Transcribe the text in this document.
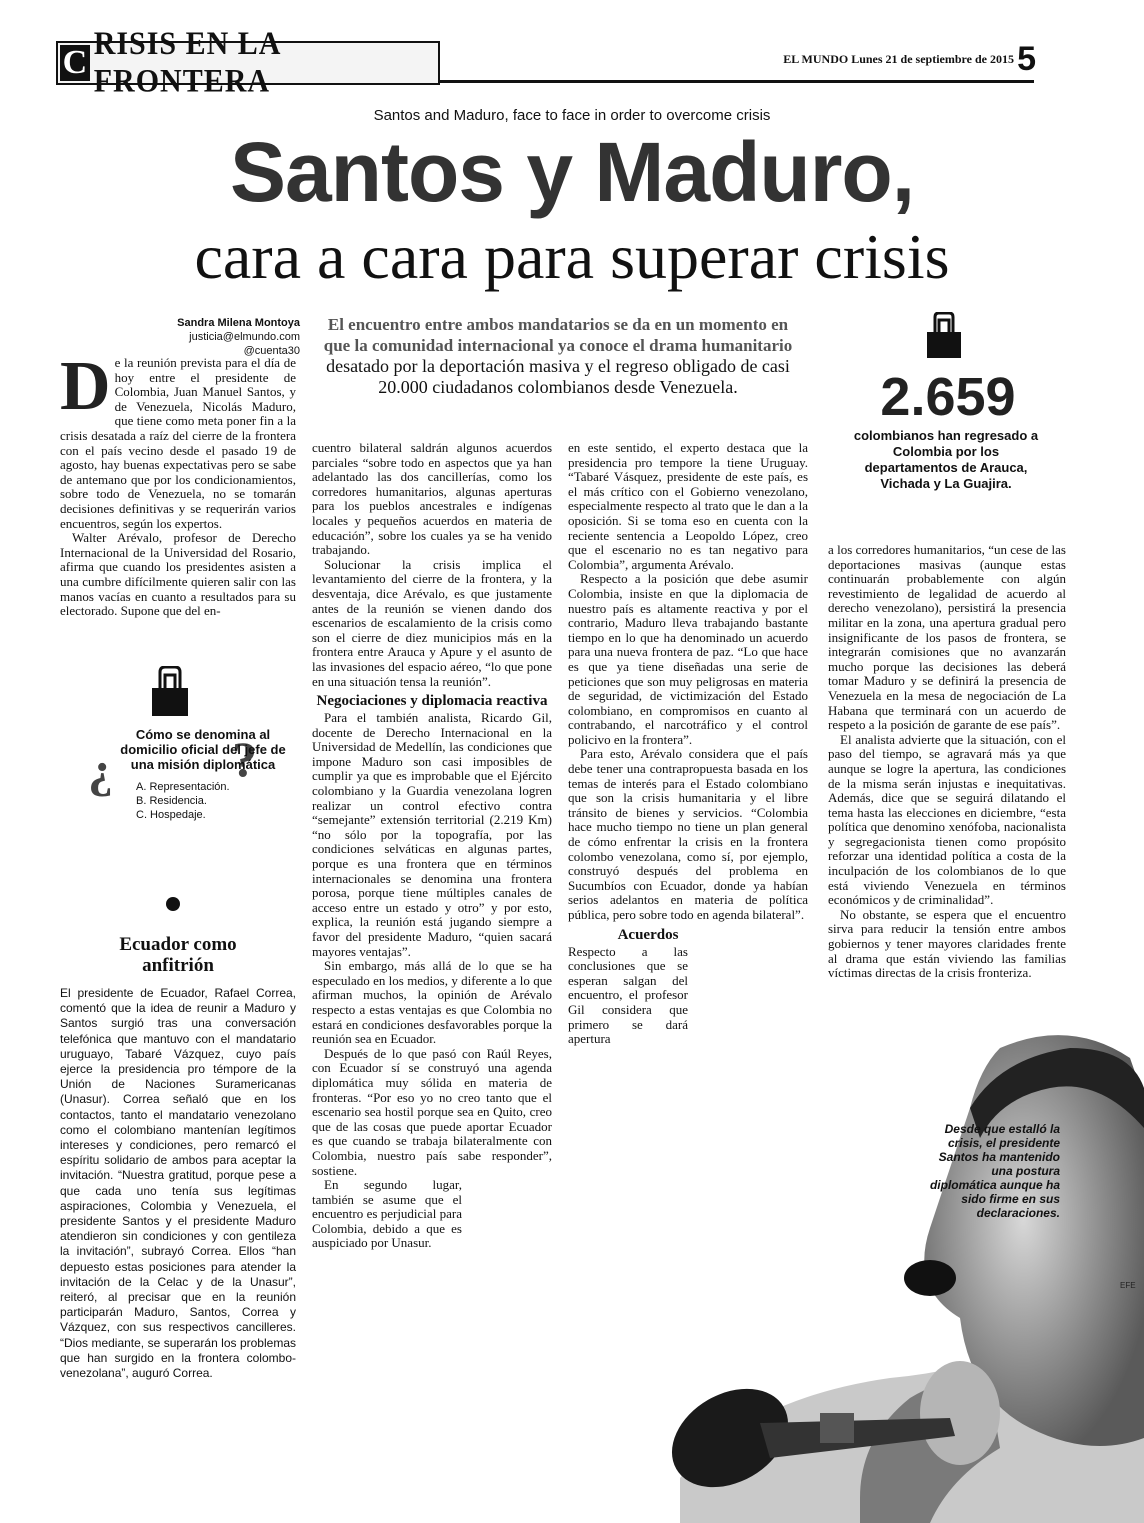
C
RISIS EN LA FRONTERA
EL MUNDO Lunes 21 de septiembre de 2015 5
Santos and Maduro, face to face in order to overcome crisis
Santos y Maduro,
cara a cara para superar crisis
Sandra Milena Montoya
justicia@elmundo.com
@cuenta30
El encuentro entre ambos mandatarios se da en un momento en que la comunidad internacional ya conoce el drama humanitario desatado por la deportación masiva y el regreso obligado de casi 20.000 ciudadanos colombianos desde Venezuela.
D e la reunión prevista para el día de hoy entre el presidente de Colombia, Juan Manuel Santos, y de Venezuela, Nicolás Maduro, que tiene como meta poner fin a la crisis desatada a raíz del cierre de la frontera con el país vecino desde el pasado 19 de agosto, hay buenas expectativas pero se sabe de antemano que por los condicionamientos, sobre todo de Venezuela, no se tomarán decisiones definitivas y se requerirán varios encuentros, según los expertos.

Walter Arévalo, profesor de Derecho Internacional de la Universidad del Rosario, afirma que cuando los presidentes asisten a una cumbre difícilmente quieren salir con las manos vacías en cuanto a resultados para su electorado. Supone que del en-

¿ ?
Cómo se denomina al domicilio oficial del jefe de una misión diplomática
A. Representación.
B. Residencia.
C. Hospedaje.
Ecuador como anfitrión
El presidente de Ecuador, Rafael Correa, comentó que la idea de reunir a Maduro y Santos surgió tras una conversación telefónica que mantuvo con el mandatario uruguayo, Tabaré Vázquez, cuyo país ejerce la presidencia pro témpore de la Unión de Naciones Suramericanas (Unasur). Correa señaló que en los contactos, tanto el mandatario venezolano como el colombiano mantenían legítimos intereses y condiciones, pero remarcó el espíritu solidario de ambos para aceptar la invitación. “Nuestra gratitud, porque pese a que cada uno tenía sus legítimas aspiraciones, Colombia y Venezuela, el presidente Santos y el presidente Maduro atendieron sin condiciones y con gentileza la invitación”, subrayó Correa. Ellos “han depuesto estas posiciones para atender la invitación de la Celac y de la Unasur”, reiteró, al precisar que en la reunión participarán Maduro, Santos, Correa y Vázquez, con sus respectivos cancilleres. “Dios mediante, se superarán los problemas que han surgido en la frontera colombo-venezolana”, auguró Correa.

cuentro bilateral saldrán algunos acuerdos parciales “sobre todo en aspectos que ya han adelantado las dos cancillerías, como los corredores humanitarios, algunas aperturas para los pueblos ancestrales e indígenas locales y pequeños acuerdos en materia de educación”, sobre los cuales ya se ha venido trabajando.

Solucionar la crisis implica el levantamiento del cierre de la frontera, y la desventaja, dice Arévalo, es que justamente antes de la reunión se vienen dando dos escenarios de escalamiento de la crisis como son el cierre de diez municipios más en la frontera entre Arauca y Apure y el asunto de las invasiones del espacio aéreo, “lo que pone en una situación tensa la reunión”.

Negociaciones y diplomacia reactiva

Para el también analista, Ricardo Gil, docente de Derecho Internacional en la Universidad de Medellín, las condiciones que impone Maduro son casi imposibles de cumplir ya que es improbable que el Ejército colombiano y la Guardia venezolana logren realizar un control efectivo contra “semejante” extensión territorial (2.219 Km) “no sólo por la topografía, por las condiciones selváticas en algunas partes, porque es una frontera que en términos internacionales se denomina una frontera porosa, porque tiene múltiples canales de acceso entre un estado y otro” y por esto, explica, la reunión está jugando siempre a favor del presidente Maduro, “quien sacará mayores ventajas”.

Sin embargo, más allá de lo que se ha especulado en los medios, y diferente a lo que afirman muchos, la opinión de Arévalo respecto a estas ventajas es que Colombia no estará en condiciones desfavorables porque la reunión sea en Ecuador.

Después de lo que pasó con Raúl Reyes, con Ecuador sí se construyó una agenda diplomática muy sólida en materia de fronteras. “Por eso yo no creo tanto que el escenario sea hostil porque sea en Quito, creo que de las cosas que puede aportar Ecuador es que cuando se trabaja bilateralmente con Colombia, nuestro país sabe responder”, sostiene.

En segundo lugar, también se asume que el encuentro es perjudicial para Colombia, debido a que es auspiciado por Unasur.

en este sentido, el experto destaca que la presidencia pro tempore la tiene Uruguay. “Tabaré Vásquez, presidente de este país, es el más crítico con el Gobierno venezolano, especialmente respecto al trato que le dan a la oposición. Si se toma eso en cuenta con la reciente sentencia a Leopoldo López, creo que el escenario no es tan negativo para Colombia”, argumenta Arévalo.

Respecto a la posición que debe asumir Colombia, insiste en que la diplomacia de nuestro país es altamente reactiva y por el contrario, Maduro lleva trabajando bastante tiempo en lo que ha denominado un acuerdo para una nueva frontera de paz. “Lo que hace es que ya tiene diseñadas una serie de peticiones que son muy peligrosas en materia de seguridad, de victimización del Estado colombiano, en compromisos en cuanto al contrabando, el narcotráfico y el control policivo en la frontera”.

Para esto, Arévalo considera que el país debe tener una contrapropuesta basada en los temas de interés para el Estado colombiano que son la crisis humanitaria y el libre tránsito de bienes y servicios. “Colombia hace mucho tiempo no tiene un plan general de cómo enfrentar la crisis en la frontera colombo venezolana, como sí, por ejemplo, construyó después del problema en Sucumbíos con Ecuador, donde ya habían serios adelantos en materia de política pública, pero sobre todo en agenda bilateral”.

Acuerdos

Respecto a las conclusiones que se esperan salgan del encuentro, el profesor Gil considera que primero se dará apertura

2.659
colombianos han regresado a Colombia por los departamentos de Arauca, Vichada y La Guajira.

a los corredores humanitarios, “un cese de las deportaciones masivas (aunque estas continuarán probablemente con algún revestimiento de legalidad de acuerdo al derecho venezolano), persistirá la presencia militar en la zona, una apertura gradual pero insignificante de los pasos de frontera, se integrarán comisiones que no avanzarán mucho porque las decisiones las deberá tomar Maduro y se definirá la presencia de Venezuela en la mesa de negociación de La Habana que terminará con un acuerdo de respeto a la posición de garante de ese país”.

El analista advierte que la situación, con el paso del tiempo, se agravará más ya que aunque se logre la apertura, las condiciones de la misma serán injustas e inequitativas. Además, dice que se seguirá dilatando el tema hasta las elecciones en diciembre, “esta política que denomino xenófoba, nacionalista y segregacionista tienen como propósito reforzar una identidad política a costa de la inculpación de los colombianos de lo que está viviendo Venezuela en términos económicos y de criminalidad”.

No obstante, se espera que el encuentro sirva para reducir la tensión entre ambos gobiernos y tener mayores claridades frente al drama que están viviendo las familias víctimas directas de la crisis fronteriza.

EFE
Desde que estalló la crisis, el presidente Santos ha mantenido una postura diplomática aunque ha sido firme en sus declaraciones.
